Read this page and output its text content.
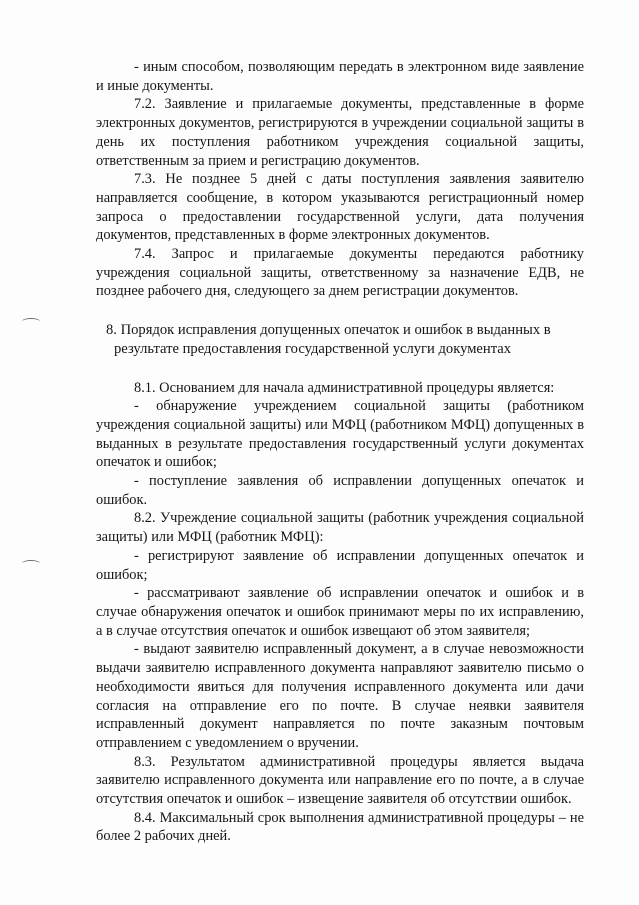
- иным способом, позволяющим передать в электронном виде заявление и иные документы.

7.2. Заявление и прилагаемые документы, представленные в форме электронных документов, регистрируются в учреждении социальной защиты в день их поступления работником учреждения социальной защиты, ответственным за прием и регистрацию документов.

7.3. Не позднее 5 дней с даты поступления заявления заявителю направляется сообщение, в котором указываются регистрационный номер запроса о предоставлении государственной услуги, дата получения документов, представленных в форме электронных документов.

7.4. Запрос и прилагаемые документы передаются работнику учреждения социальной защиты, ответственному за назначение ЕДВ, не позднее рабочего дня, следующего за днем регистрации документов.

8. Порядок исправления допущенных опечаток и ошибок в выданных в
результате предоставления государственной услуги документах

8.1. Основанием для начала административной процедуры является:

- обнаружение учреждением социальной защиты (работником учреждения социальной защиты) или МФЦ (работником МФЦ) допущенных в выданных в результате предоставления государственный услуги документах опечаток и ошибок;

- поступление заявления об исправлении допущенных опечаток и ошибок.

8.2. Учреждение социальной защиты (работник учреждения социальной защиты) или МФЦ (работник МФЦ):

- регистрируют заявление об исправлении допущенных опечаток и ошибок;

- рассматривают заявление об исправлении опечаток и ошибок и в случае обнаружения опечаток и ошибок принимают меры по их исправлению, а в случае отсутствия опечаток и ошибок извещают об этом заявителя;

- выдают заявителю исправленный документ, а в случае невозможности выдачи заявителю исправленного документа направляют заявителю письмо о необходимости явиться для получения исправленного документа или дачи согласия на отправление его по почте. В случае неявки заявителя исправленный документ направляется по почте заказным почтовым отправлением с уведомлением о вручении.

8.3. Результатом административной процедуры является выдача заявителю исправленного документа или направление его по почте, а в случае отсутствия опечаток и ошибок – извещение заявителя об отсутствии ошибок.

8.4. Максимальный срок выполнения административной процедуры – не более 2 рабочих дней.
